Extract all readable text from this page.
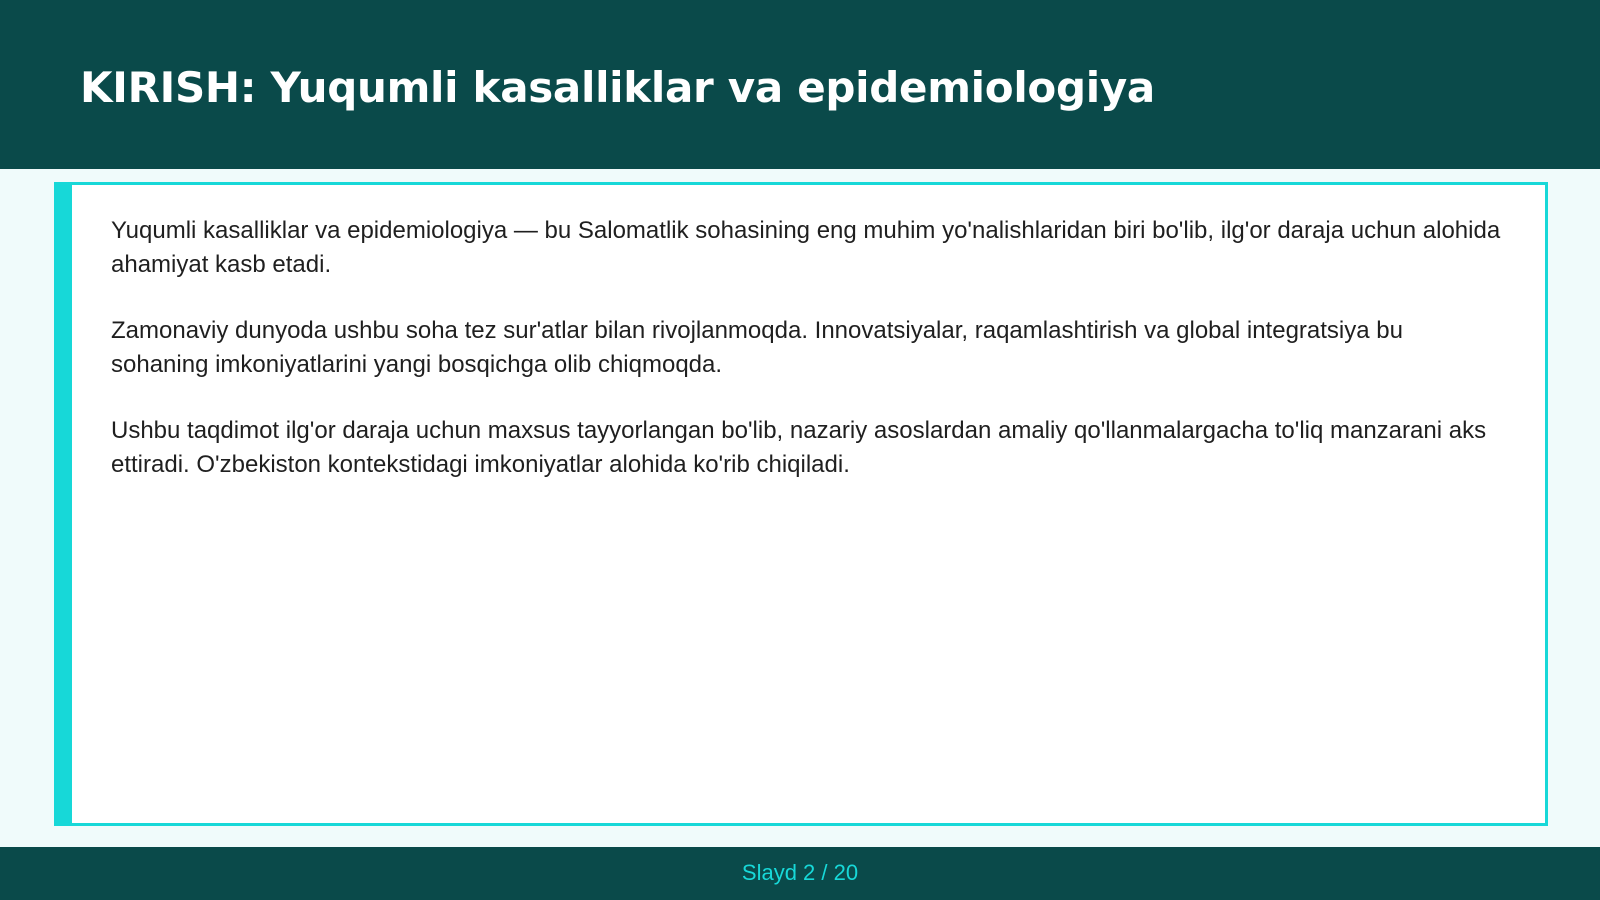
KIRISH: Yuqumli kasalliklar va epidemiologiya

Yuqumli kasalliklar va epidemiologiya — bu Salomatlik sohasining eng muhim yo'nalishlaridan biri bo'lib, ilg'or daraja uchun alohida ahamiyat kasb etadi.

Zamonaviy dunyoda ushbu soha tez sur'atlar bilan rivojlanmoqda. Innovatsiyalar, raqamlashtirish va global integratsiya bu sohaning imkoniyatlarini yangi bosqichga olib chiqmoqda.

Ushbu taqdimot ilg'or daraja uchun maxsus tayyorlangan bo'lib, nazariy asoslardan amaliy qo'llanmalargacha to'liq manzarani aks ettiradi. O'zbekiston kontekstidagi imkoniyatlar alohida ko'rib chiqiladi.

Slayd 2 / 20
